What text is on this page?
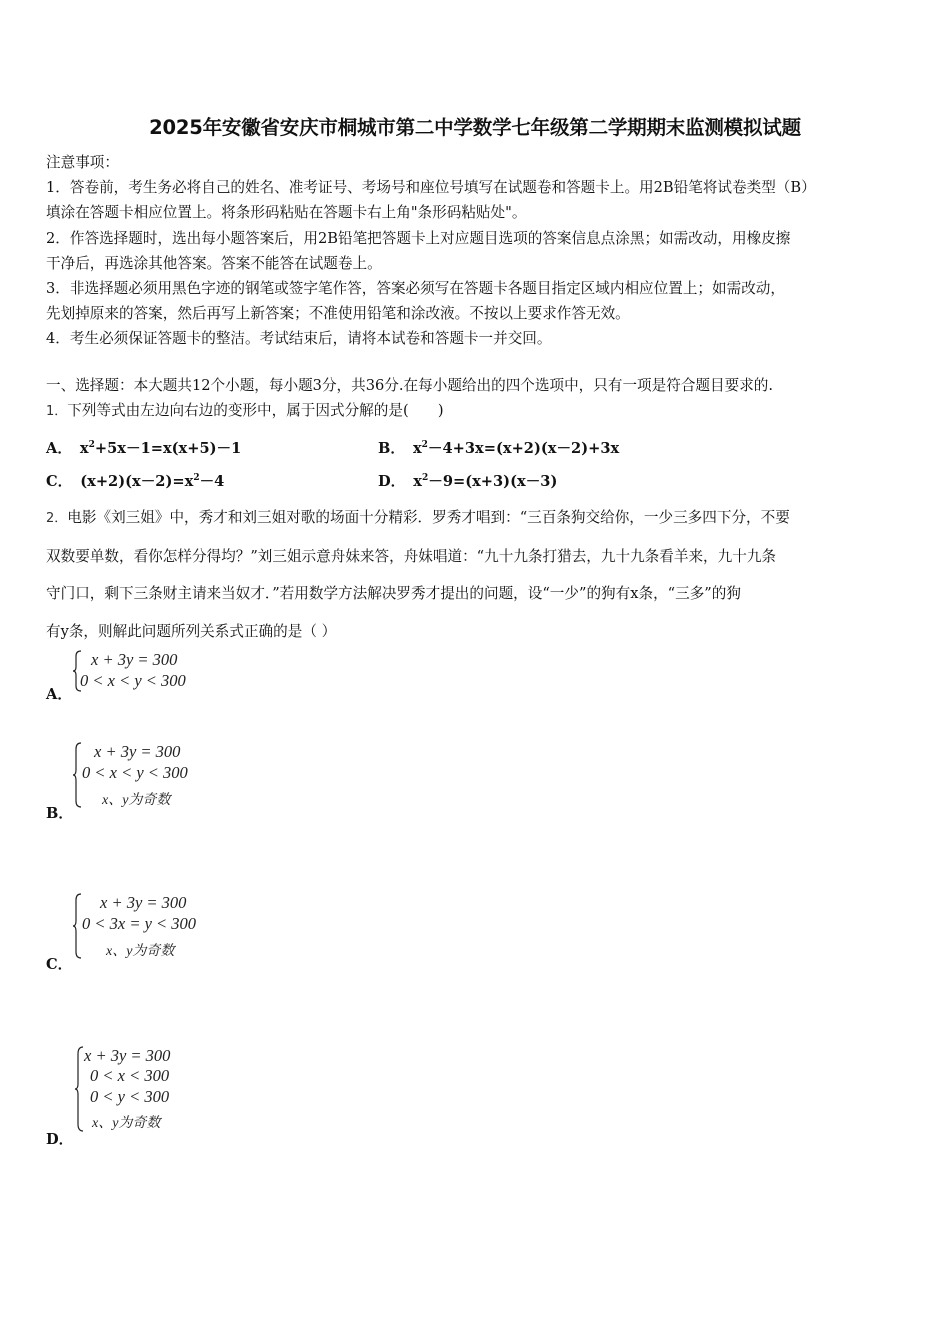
2025年安徽省安庆市桐城市第二中学数学七年级第二学期期末监测模拟试题

注意事项：

1．答卷前，考生务必将自己的姓名、准考证号、考场号和座位号填写在试题卷和答题卡上。用2B铅笔将试卷类型（B）

填涂在答题卡相应位置上。将条形码粘贴在答题卡右上角"条形码粘贴处"。

2．作答选择题时，选出每小题答案后，用2B铅笔把答题卡上对应题目选项的答案信息点涂黑；如需改动，用橡皮擦

干净后，再选涂其他答案。答案不能答在试题卷上。

3．非选择题必须用黑色字迹的钢笔或签字笔作答，答案必须写在答题卡各题目指定区域内相应位置上；如需改动，

先划掉原来的答案，然后再写上新答案；不准使用铅笔和涂改液。不按以上要求作答无效。

4．考生必须保证答题卡的整洁。考试结束后，请将本试卷和答题卡一并交回。

一、选择题：本大题共12个小题，每小题3分，共36分.在每小题给出的四个选项中，只有一项是符合题目要求的.
1．下列等式由左边向右边的变形中，属于因式分解的是(　　)
A． $x^2+5x-1=x(x+5)-1$	B． $x^2-4+3x=(x+2)(x-2)+3x$
C． $(x+2)(x-2)=x^2-4$	D． $x^2-9=(x+3)(x-3)$

2．电影《刘三姐》中，秀才和刘三姐对歌的场面十分精彩．罗秀才唱到：“三百条狗交给你，一少三多四下分，不要

双数要单数，看你怎样分得均？”刘三姐示意舟妹来答，舟妹唱道：“九十九条打猎去，九十九条看羊来，九十九条

守门口，剩下三条财主请来当奴才．”若用数学方法解决罗秀才提出的问题，设“一少”的狗有x条，“三多”的狗

有y条，则解此问题所列关系式正确的是（ ）

A．
x + 3y = 300
0 < x < y < 300
B．
x + 3y = 300
0 < x < y < 300
x、y为奇数
C．
x + 3y = 300
0 < 3x = y < 300
x、y为奇数
D．
x + 3y = 300
0 < x < 300
0 < y < 300
x、y为奇数
